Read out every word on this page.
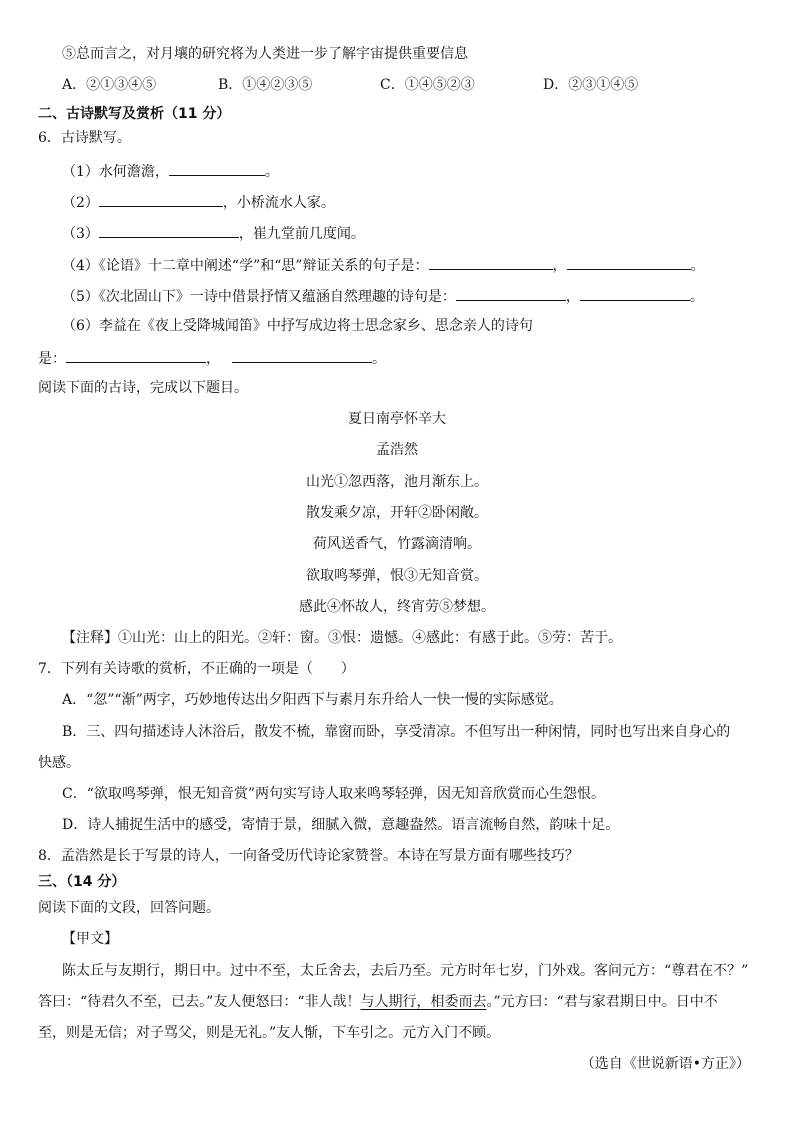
⑤总而言之，对月壤的研究将为人类进一步了解宇宙提供重要信息
A．②①③④⑤	B．①④②③⑤	C．①④⑤②③	D．②③①④⑤
二、古诗默写及赏析（11 分）
6．古诗默写。
（1）水何澹澹，	。
（2）	，小桥流水人家。
（3）	，崔九堂前几度闻。
（4）《论语》十二章中阐述“学”和“思”辩证关系的句子是：	，	。
（5）《次北固山下》一诗中借景抒情又蕴涵自然理趣的诗句是：	，	。
（6）李益在《夜上受降城闻笛》中抒写成边将士思念家乡、思念亲人的诗句
是：	，	。
阅读下面的古诗，完成以下题目。
夏日南亭怀辛大
孟浩然
山光①忽西落，池月渐东上。
散发乘夕凉，开轩②卧闲敞。
荷风送香气，竹露滴清响。
欲取鸣琴弹，恨③无知音赏。
感此④怀故人，终宵劳⑤梦想。
【注释】①山光：山上的阳光。②轩：窗。③恨：遗憾。④感此：有感于此。⑤劳：苦于。
7．下列有关诗歌的赏析，不正确的一项是（　　）
A．“忽”“渐”两字，巧妙地传达出夕阳西下与素月东升给人一快一慢的实际感觉。
B．三、四句描述诗人沐浴后，散发不梳，靠窗而卧，享受清凉。不但写出一种闲情，同时也写出来自身心的
快感。
C．“欲取鸣琴弹，恨无知音赏”两句实写诗人取来鸣琴轻弹，因无知音欣赏而心生怨恨。
D．诗人捕捉生活中的感受，寄情于景，细腻入微，意趣盎然。语言流畅自然，韵味十足。
8．孟浩然是长于写景的诗人，一向备受历代诗论家赞誉。本诗在写景方面有哪些技巧？
三、（14 分）
阅读下面的文段，回答问题。
【甲文】
陈太丘与友期行，期日中。过中不至，太丘舍去，去后乃至。元方时年七岁，门外戏。客问元方：“尊君在不？”
答曰：“待君久不至，已去。”友人便怒曰：“非人哉！与人期行，相委而去。”元方曰：“君与家君期日中。日中不
至，则是无信；对子骂父，则是无礼。”友人惭，下车引之。元方入门不顾。
（选自《世说新语•方正》）
